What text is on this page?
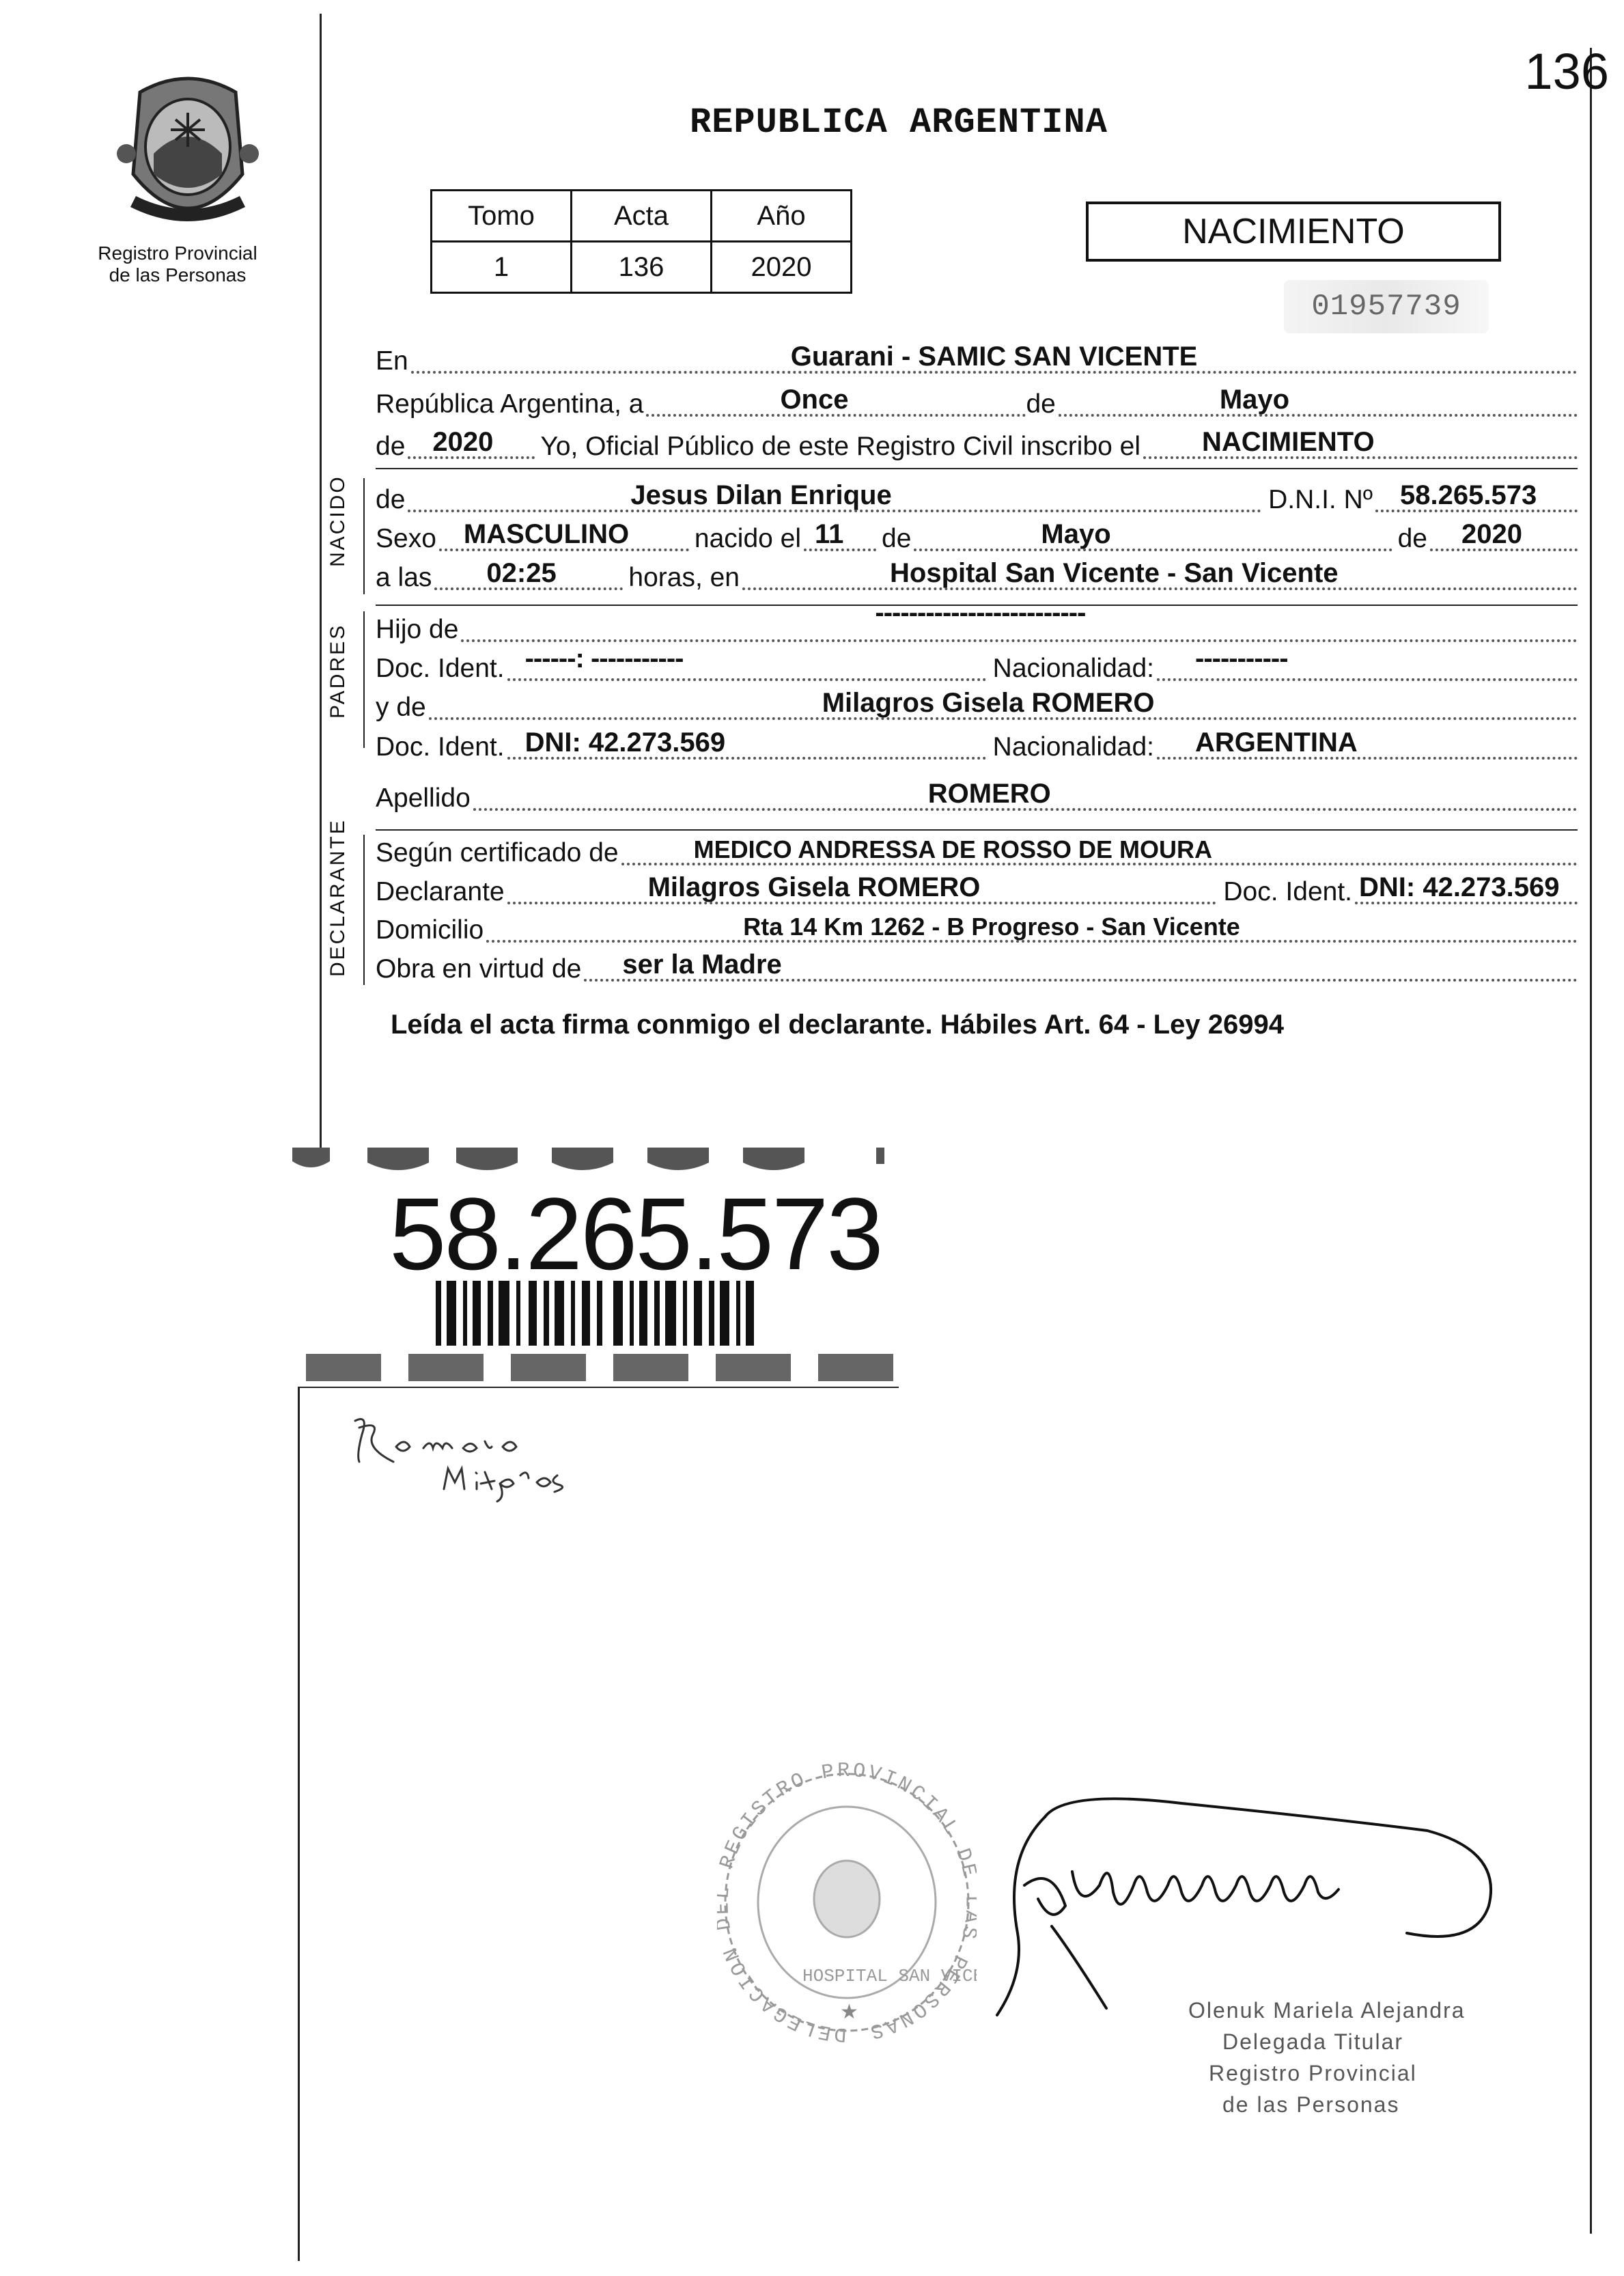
136
Registro Provincial
de las Personas
REPUBLICA ARGENTINA
Tomo	Acta	Año
1	136	2020
NACIMIENTO
01957739
En	Guarani - SAMIC SAN VICENTE
República Argentina, a	Once	de	Mayo
de 2020 Yo, Oficial Público de este Registro Civil inscribo el NACIMIENTO
NACIDO de	Jesus Dilan Enrique	D.N.I. Nº 58.265.573
Sexo MASCULINO nacido el 11 de	Mayo	de 2020
a las 02:25	horas, en	Hospital San Vicente - San Vicente
PADRES Hijo de
-------------------------
Doc. Ident. ------: -----------	Nacionalidad: -----------
y de	Milagros Gisela ROMERO
Doc. Ident. DNI: 42.273.569	Nacionalidad: ARGENTINA
Apellido	ROMERO
DECLARANTE Según certificado de	MEDICO ANDRESSA DE ROSSO DE MOURA
Declarante	Milagros Gisela ROMERO	Doc. Ident. DNI: 42.273.569
Domicilio	Rta 14 Km 1262 - B Progreso - San Vicente
Obra en virtud de ser la Madre
Leída el acta firma conmigo el declarante. Hábiles Art. 64 - Ley 26994
58.265.573
DELEGACION REGISTRO PROVINCIAL D PERSONAS
HOSPITAL SAN VIC
★	Olenuk Mariela Alejandra
Delegada Titular
Registro Provincial
de las Personas
